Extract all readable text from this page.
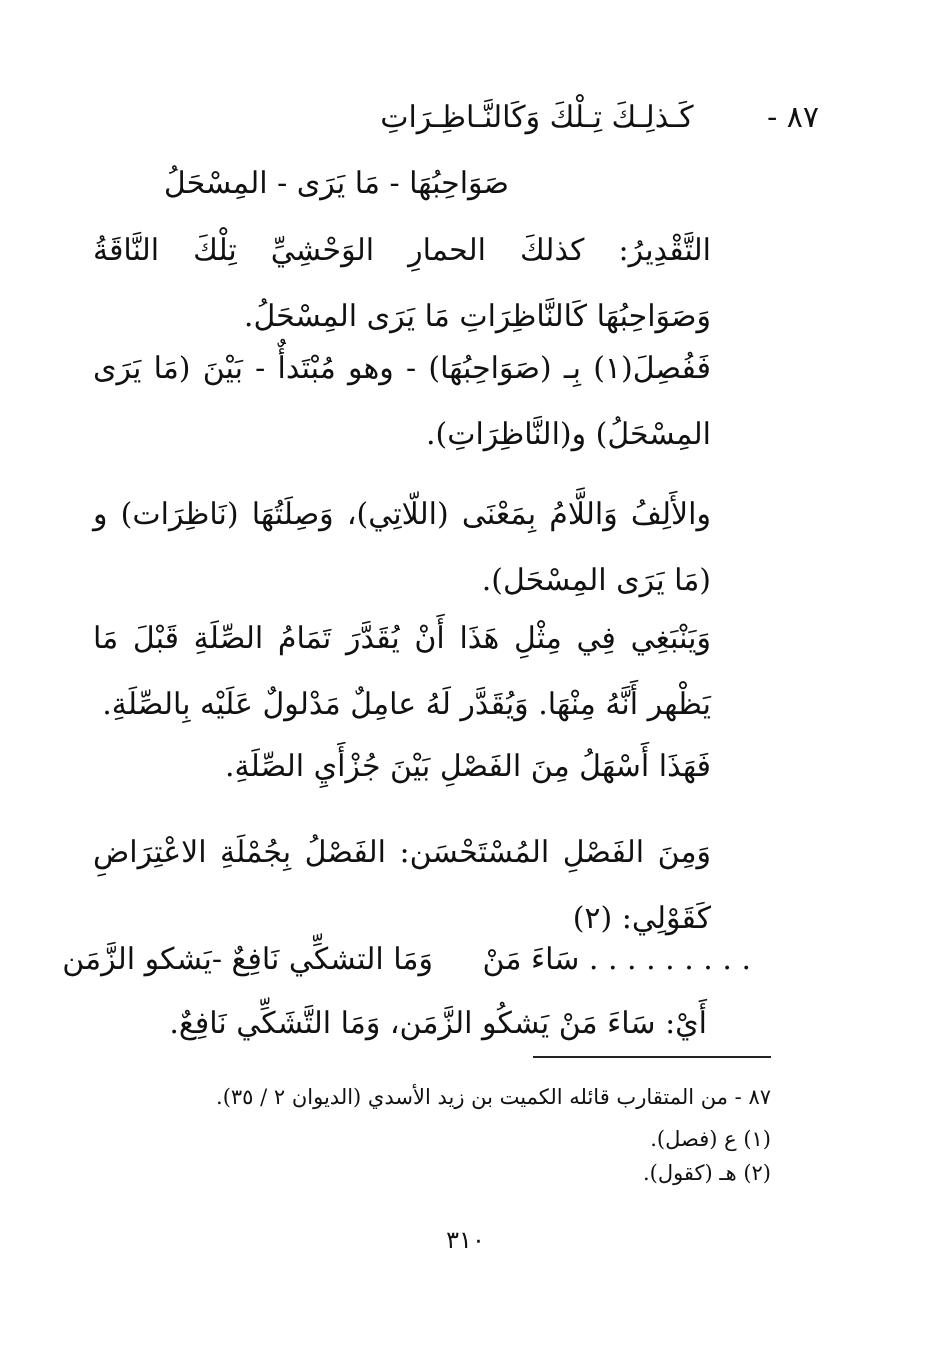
٨٧ - كَـذلِـكَ تِـلْكَ وَكَالنَّـاظِـرَاتِ
صَوَاحِبُهَا - مَا يَرَى - المِسْحَلُ
التَّقْدِيرُ: كذلكَ الحمارِ الوَحْشِيِّ تِلْكَ النَّاقَةُ وَصَوَاحِبُهَا كَالنَّاظِرَاتِ مَا يَرَى المِسْحَلُ.
فَفُصِلَ(١) بِـ (صَوَاحِبُهَا) - وهو مُبْتَدأٌ - بَيْنَ (مَا يَرَى المِسْحَلُ) و(النَّاظِرَاتِ).
والأَلِفُ وَاللَّامُ بِمَعْنَى (اللّاتِي)، وَصِلَتُهَا (نَاظِرَات) و (مَا يَرَى المِسْحَل).
وَيَنْبَغِي فِي مِثْلِ هَذَا أَنْ يُقَدَّرَ تَمَامُ الصِّلَةِ قَبْلَ مَا يَظْهر أَنَّهُ مِنْهَا. وَيُقَدَّر لَهُ عامِلٌ مَدْلولٌ عَلَيْه بِالصِّلَةِ.
فَهَذَا أَسْهَلُ مِنَ الفَصْلِ بَيْنَ جُزْأَيِ الصِّلَةِ.
وَمِنَ الفَصْلِ المُسْتَحْسَن: الفَصْلُ بِجُمْلَةِ الاعْتِرَاضِ كَقَوْلِي: (٢)
. . . . . . . . . سَاءَ مَنْ وَمَا التشكِّي نَافِعٌ -يَشكو الزَّمَن
أَيْ: سَاءَ مَنْ يَشكُو الزَّمَن، وَمَا التَّشَكِّي نَافِعٌ.
٨٧ - من المتقارب قائله الكميت بن زيد الأسدي (الديوان ٢ / ٣٥).
(١) ع (فصل).
(٢) هـ (كقول).
٣١٠
